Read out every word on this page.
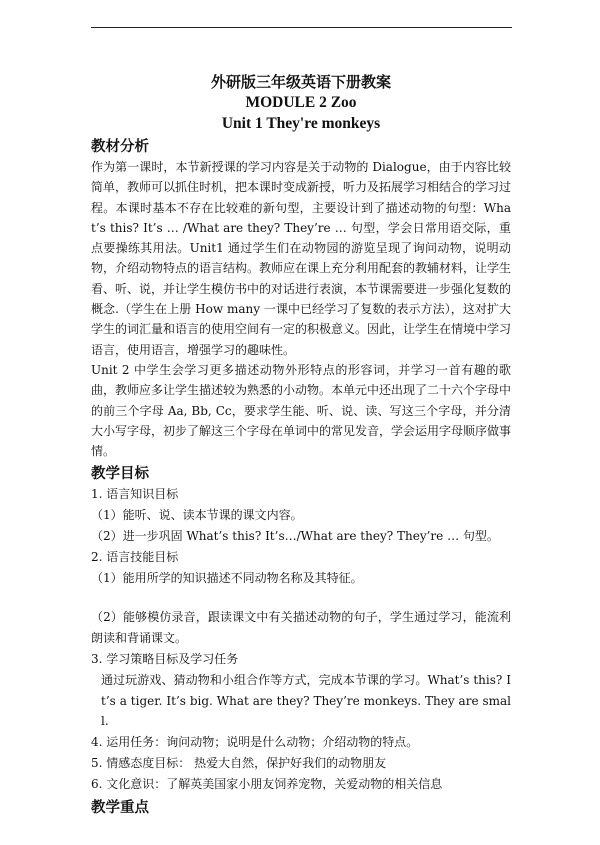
外研版三年级英语下册教案
MODULE 2 Zoo
Unit 1 They're monkeys
教材分析

作为第一课时，本节新授课的学习内容是关于动物的 Dialogue，由于内容比较简单，教师可以抓住时机，把本课时变成新授，听力及拓展学习相结合的学习过程。本课时基本不存在比较难的新句型，主要设计到了描述动物的句型：What’s this? It’s … /What are they? They’re … 句型，学会日常用语交际，重点要操练其用法。Unit1 通过学生们在动物园的游览呈现了询问动物，说明动物，介绍动物特点的语言结构。教师应在课上充分利用配套的教辅材料，让学生看、听、说，并让学生模仿书中的对话进行表演，本节课需要进一步强化复数的概念.（学生在上册 How many 一课中已经学习了复数的表示方法），这对扩大学生的词汇量和语言的使用空间有一定的积极意义。因此，让学生在情境中学习语言，使用语言，增强学习的趣味性。

Unit 2 中学生会学习更多描述动物外形特点的形容词，并学习一首有趣的歌曲，教师应多让学生描述较为熟悉的小动物。本单元中还出现了二十六个字母中的前三个字母 Aa, Bb, Cc，要求学生能、听、说、读、写这三个字母，并分清大小写字母，初步了解这三个字母在单词中的常见发音，学会运用字母顺序做事情。

教学目标

1. 语言知识目标

（1）能听、说、读本节课的课文内容。

（2）进一步巩固 What’s this? It’s…/What are they? They’re … 句型。

2. 语言技能目标

（1）能用所学的知识描述不同动物名称及其特征。

（2）能够模仿录音，跟读课文中有关描述动物的句子，学生通过学习，能流利朗读和背诵课文。

3. 学习策略目标及学习任务

通过玩游戏、猜动物和小组合作等方式，完成本节课的学习。What’s this? It’s a tiger. It’s big. What are they? They’re monkeys. They are small.

4. 运用任务：询问动物；说明是什么动物；介绍动物的特点。

5. 情感态度目标： 热爱大自然，保护好我们的动物朋友

6. 文化意识：了解英美国家小朋友饲养宠物，关爱动物的相关信息

教学重点
